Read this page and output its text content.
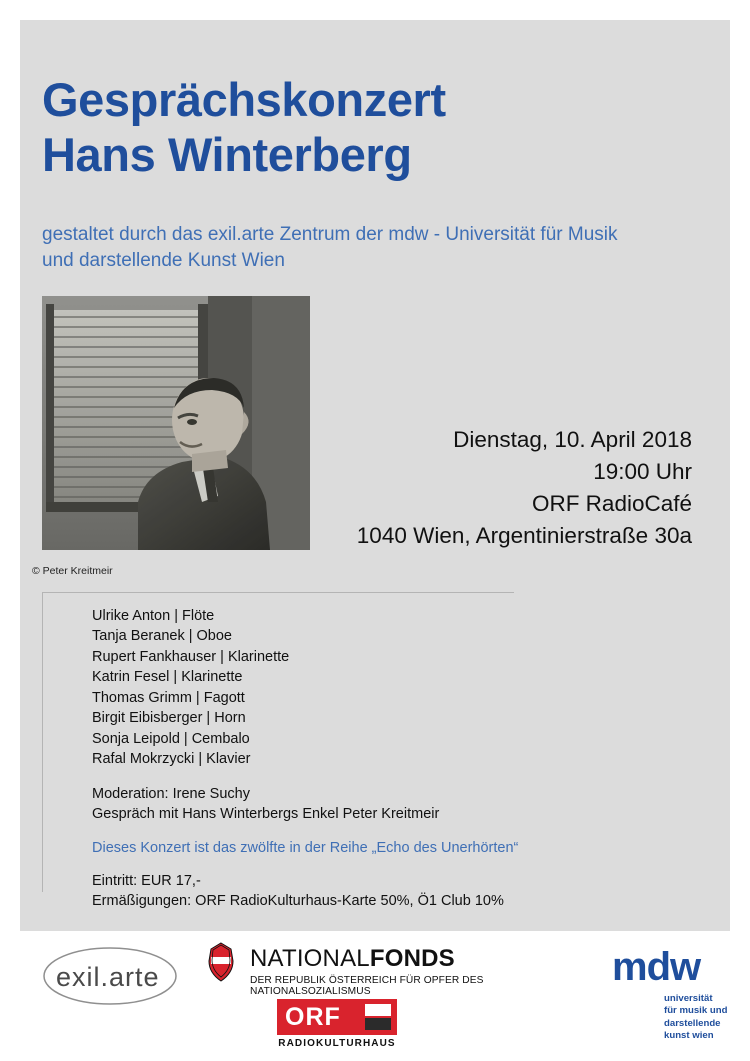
Gesprächskonzert
Hans Winterberg
gestaltet durch das exil.arte Zentrum der mdw - Universität für Musik und darstellende Kunst Wien
© Peter Kreitmeir
Dienstag, 10. April 2018
19:00 Uhr
ORF RadioCafé
1040 Wien, Argentinierstraße 30a
Ulrike Anton | Flöte
Tanja Beranek | Oboe
Rupert Fankhauser | Klarinette
Katrin Fesel | Klarinette
Thomas Grimm | Fagott
Birgit Eibisberger | Horn
Sonja Leipold | Cembalo
Rafal Mokrzycki | Klavier
Moderation: Irene Suchy
Gespräch mit Hans Winterbergs Enkel Peter Kreitmeir
Dieses Konzert ist das zwölfte in der Reihe „Echo des Unerhörten“
Eintritt: EUR 17,-
Ermäßigungen: ORF RadioKulturhaus-Karte 50%, Ö1 Club 10%
exil.arte
NATIONALFONDS
DER REPUBLIK ÖSTERREICH FÜR OPFER DES NATIONALSOZIALISMUS
ORF
RADIOKULTURHAUS
mdw
universität
für musik und
darstellende
kunst wien
